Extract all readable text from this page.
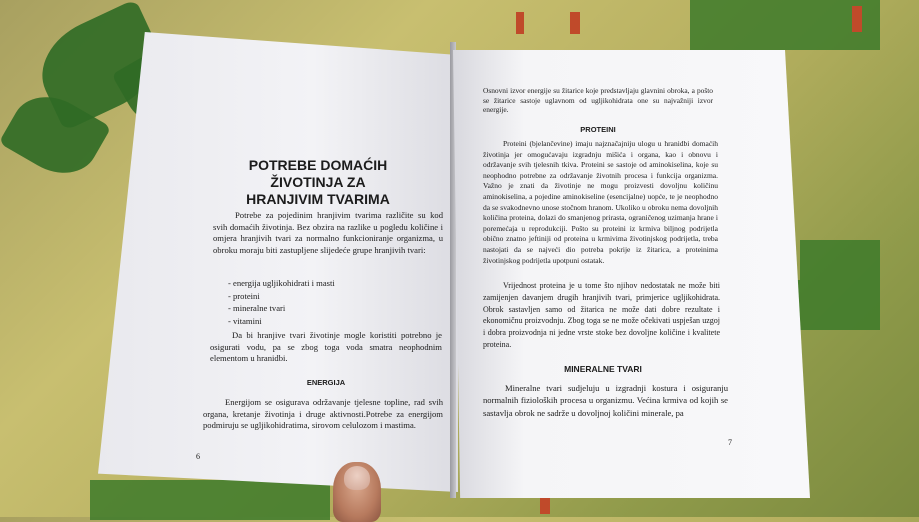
POTREBE DOMAĆIH ŽIVOTINJA ZA
HRANJIVIM TVARIMA
Potrebe za pojedinim hranjivim tvarima različite su kod svih domaćih životinja. Bez obzira na razlike u pogledu količine i omjera hranjivih tvari za normalno funkcioniranje organizma, u obroku moraju biti zastupljene slijedeće grupe hranjivih tvari:
- energija ugljikohidrati i masti
- proteini
- mineralne tvari
- vitamini
Da bi hranjive tvari životinje mogle koristiti potrebno je osigurati vodu, pa se zbog toga voda smatra neophodnim elementom u hranidbi.
ENERGIJA
Energijom se osigurava održavanje tjelesne topline, rad svih organa, kretanje životinja i druge aktivnosti.Potrebe za energijom podmiruju se ugljikohidratima, sirovom celulozom i mastima.
6
Osnovni izvor energije su žitarice koje predstavljaju glavnini obroka, a pošto se žitarice sastoje uglavnom od ugljikohidrata one su najvažniji izvor energije.
PROTEINI
Proteini (bjelančevine) imaju najznačajniju ulogu u hranidbi domaćih životinja jer omogućavaju izgradnju mišića i organa, kao i obnovu i održavanje svih tjelesnih tkiva. Proteini se sastoje od aminokiselina, koje su neophodno potrebne za održavanje životnih procesa i funkcija organizma. Važno je znati da životinje ne mogu proizvesti dovoljnu količinu aminokiselina, a pojedine aminokiseline (esencijalne) uopće, te je neophodno da se svakodnevno unose stočnom hranom. Ukoliko u obroku nema dovoljnih količina proteina, dolazi do smanjenog prirasta, ograničenog uzimanja hrane i poremećaja u reprodukciji. Pošto su proteini iz krmiva biljnog podrijetla obično znatno jeftiniji od proteina u krmivima životinjskog podrijetla, treba nastojati da se najveći dio potreba pokrije iz žitarica, a proteinima životinjskog podrijetla upotpuni ostatak.
Vrijednost proteina je u tome što njihov nedostatak ne može biti zamijenjen davanjem drugih hranjivih tvari, primjerice ugljikohidrata. Obrok sastavljen samo od žitarica ne može dati dobre rezultate i ekonomičnu proizvodnju. Zbog toga se ne može očekivati uspješan uzgoj i dobra proizvodnja ni jedne vrste stoke bez dovoljne količine i kvalitete proteina.
MINERALNE TVARI
Mineralne tvari sudjeluju u izgradnji kostura i osiguranju normalnih fizioloških procesa u organizmu. Većina krmiva od kojih se sastavlja obrok ne sadrže u dovoljnoj količini minerale, pa
7
